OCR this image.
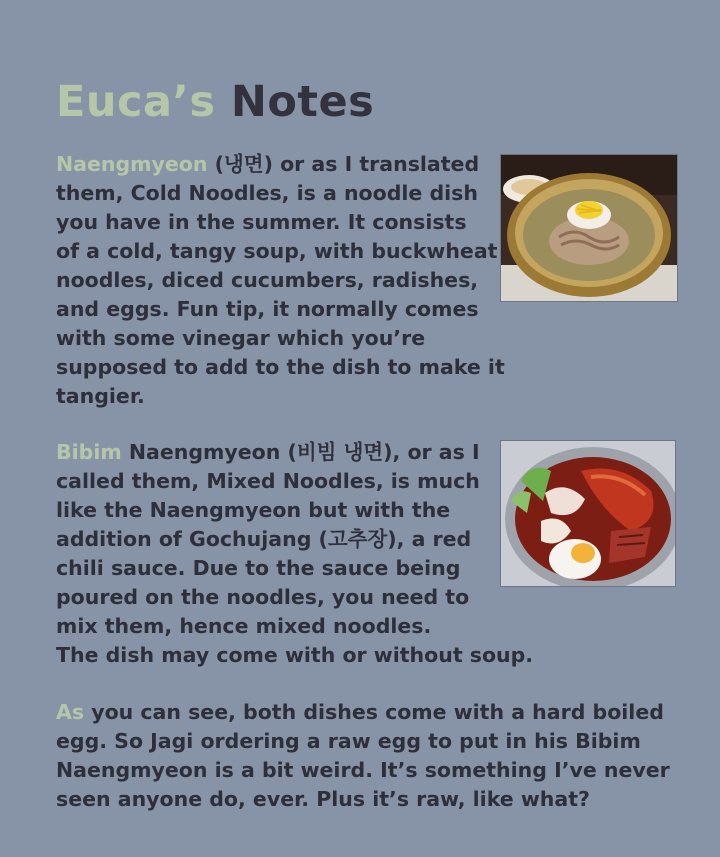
Euca’s Notes
Naengmyeon (냉면) or as I translated
them, Cold Noodles, is a noodle dish
you have in the summer. It consists
of a cold, tangy soup, with buckwheat
noodles, diced cucumbers, radishes,
and eggs. Fun tip, it normally comes
with some vinegar which you’re
supposed to add to the dish to make it
tangier.
Bibim Naengmyeon (비빔 냉면), or as I
called them, Mixed Noodles, is much
like the Naengmyeon but with the
addition of Gochujang (고추장), a red
chili sauce. Due to the sauce being
poured on the noodles, you need to
mix them, hence mixed noodles.
The dish may come with or without soup.
As you can see, both dishes come with a hard boiled
egg. So Jagi ordering a raw egg to put in his Bibim
Naengmyeon is a bit weird. It’s something I’ve never
seen anyone do, ever. Plus it’s raw, like what?
